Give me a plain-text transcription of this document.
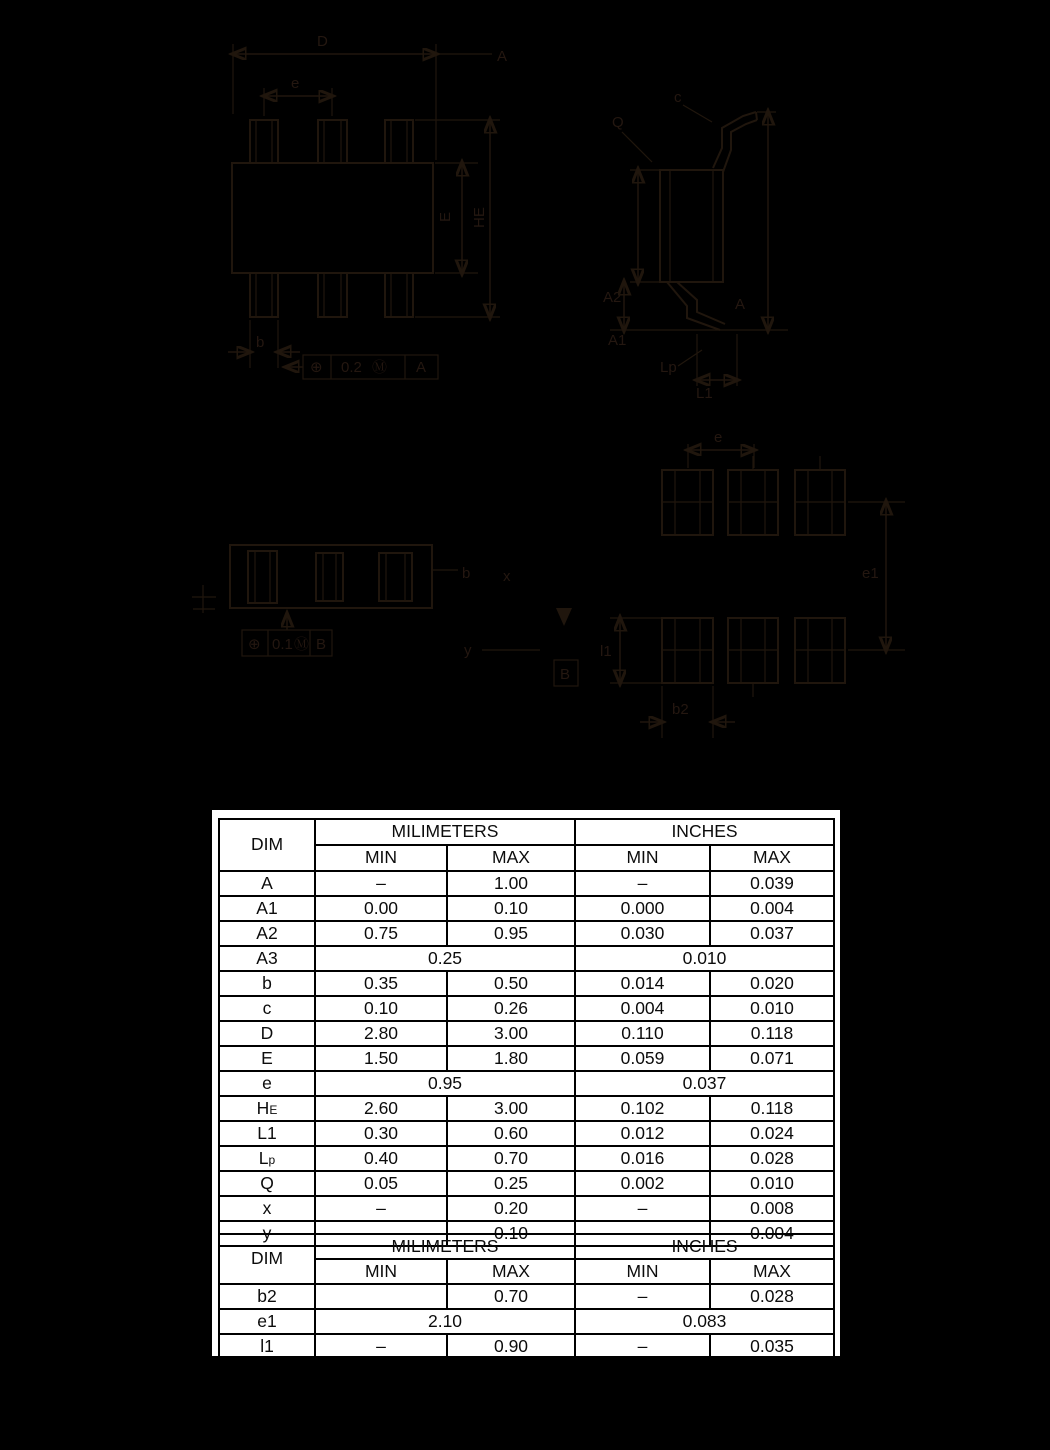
D
A
e
E HE
b
⊕ 0.2 Ⓜ A
c
Q
A
A2
A1
Lp
L1
⊕ 0.1 Ⓜ B
b x
y
B
e
e1
l1
b2
DIM	MILIMETERS		INCHES	
	MIN	MAX	MIN	MAX
A	–	1.00	–	0.039
A1	0.00	0.10	0.000	0.004
A2	0.75	0.95	0.030	0.037
A3	0.25		0.010	
b	0.35	0.50	0.014	0.020
c	0.10	0.26	0.004	0.010
D	2.80	3.00	0.110	0.118
E	1.50	1.80	0.059	0.071
e	0.95		0.037	
HE	2.60	3.00	0.102	0.118
L1	0.30	0.60	0.012	0.024
Lp	0.40	0.70	0.016	0.028
Q	0.05	0.25	0.002	0.010
x	–	0.20	–	0.008
y	–	0.10	–	0.004
DIM	MILIMETERS		INCHES	
	MIN	MAX	MIN	MAX
b2		0.70	–	0.028
e1	2.10		0.083	
l1	–	0.90	–	0.035
